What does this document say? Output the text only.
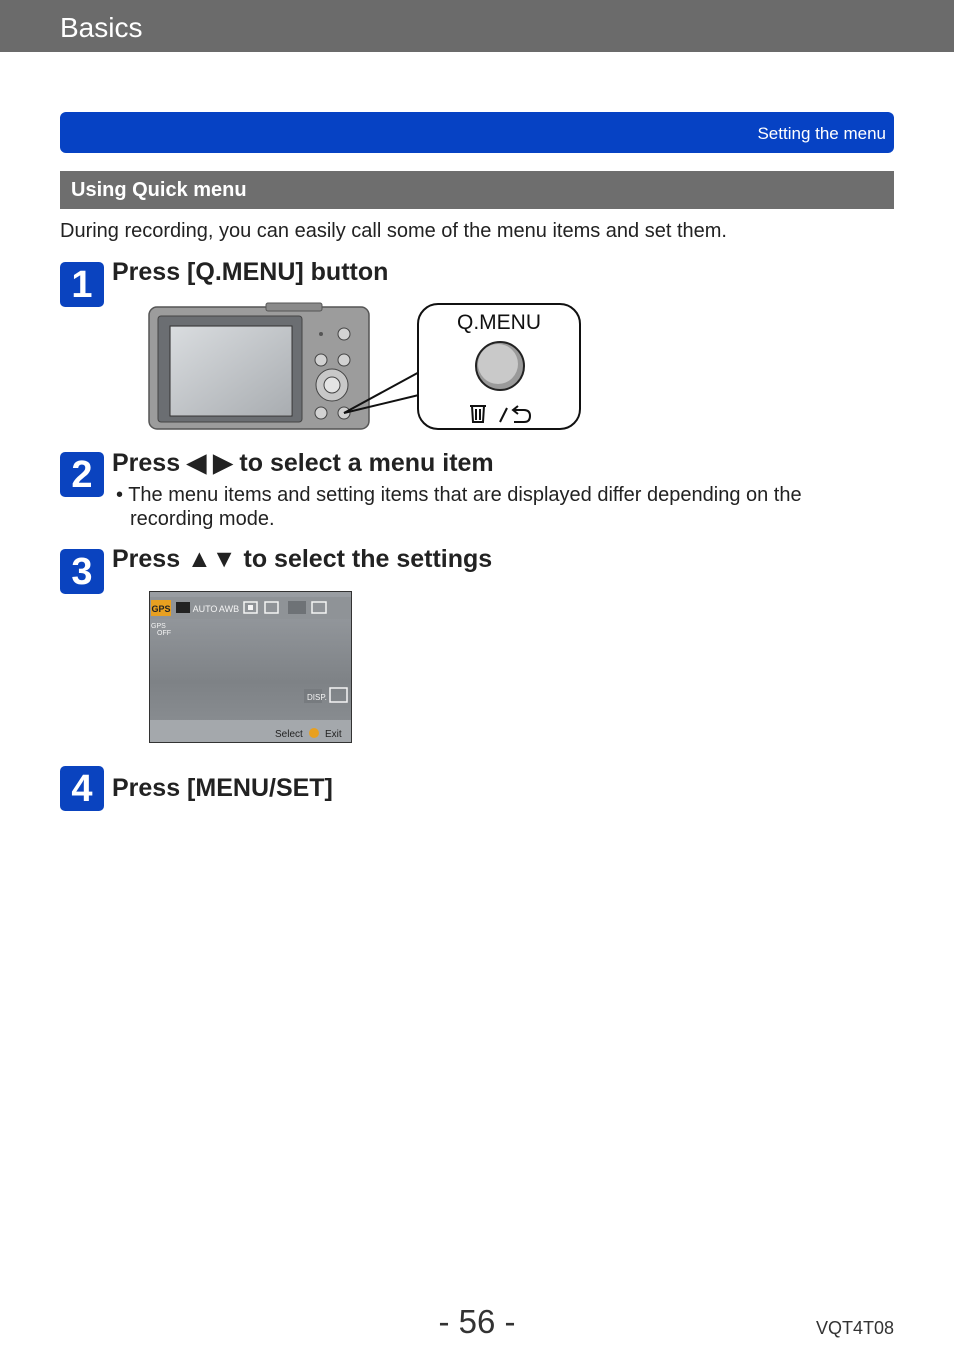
Basics
Setting the menu
Using Quick menu
During recording, you can easily call some of the menu items and set them.
1 Press [Q.MENU] button
Q.MENU
2 Press ◀ ▶ to select a menu item
• The menu items and setting items that are displayed differ depending on the
recording mode.
3 Press ▲▼ to select the settings
GPS AUTO AWB
GPS
OFF
DISP.
Select Exit
4 Press [MENU/SET]
- 56 -	VQT4T08
